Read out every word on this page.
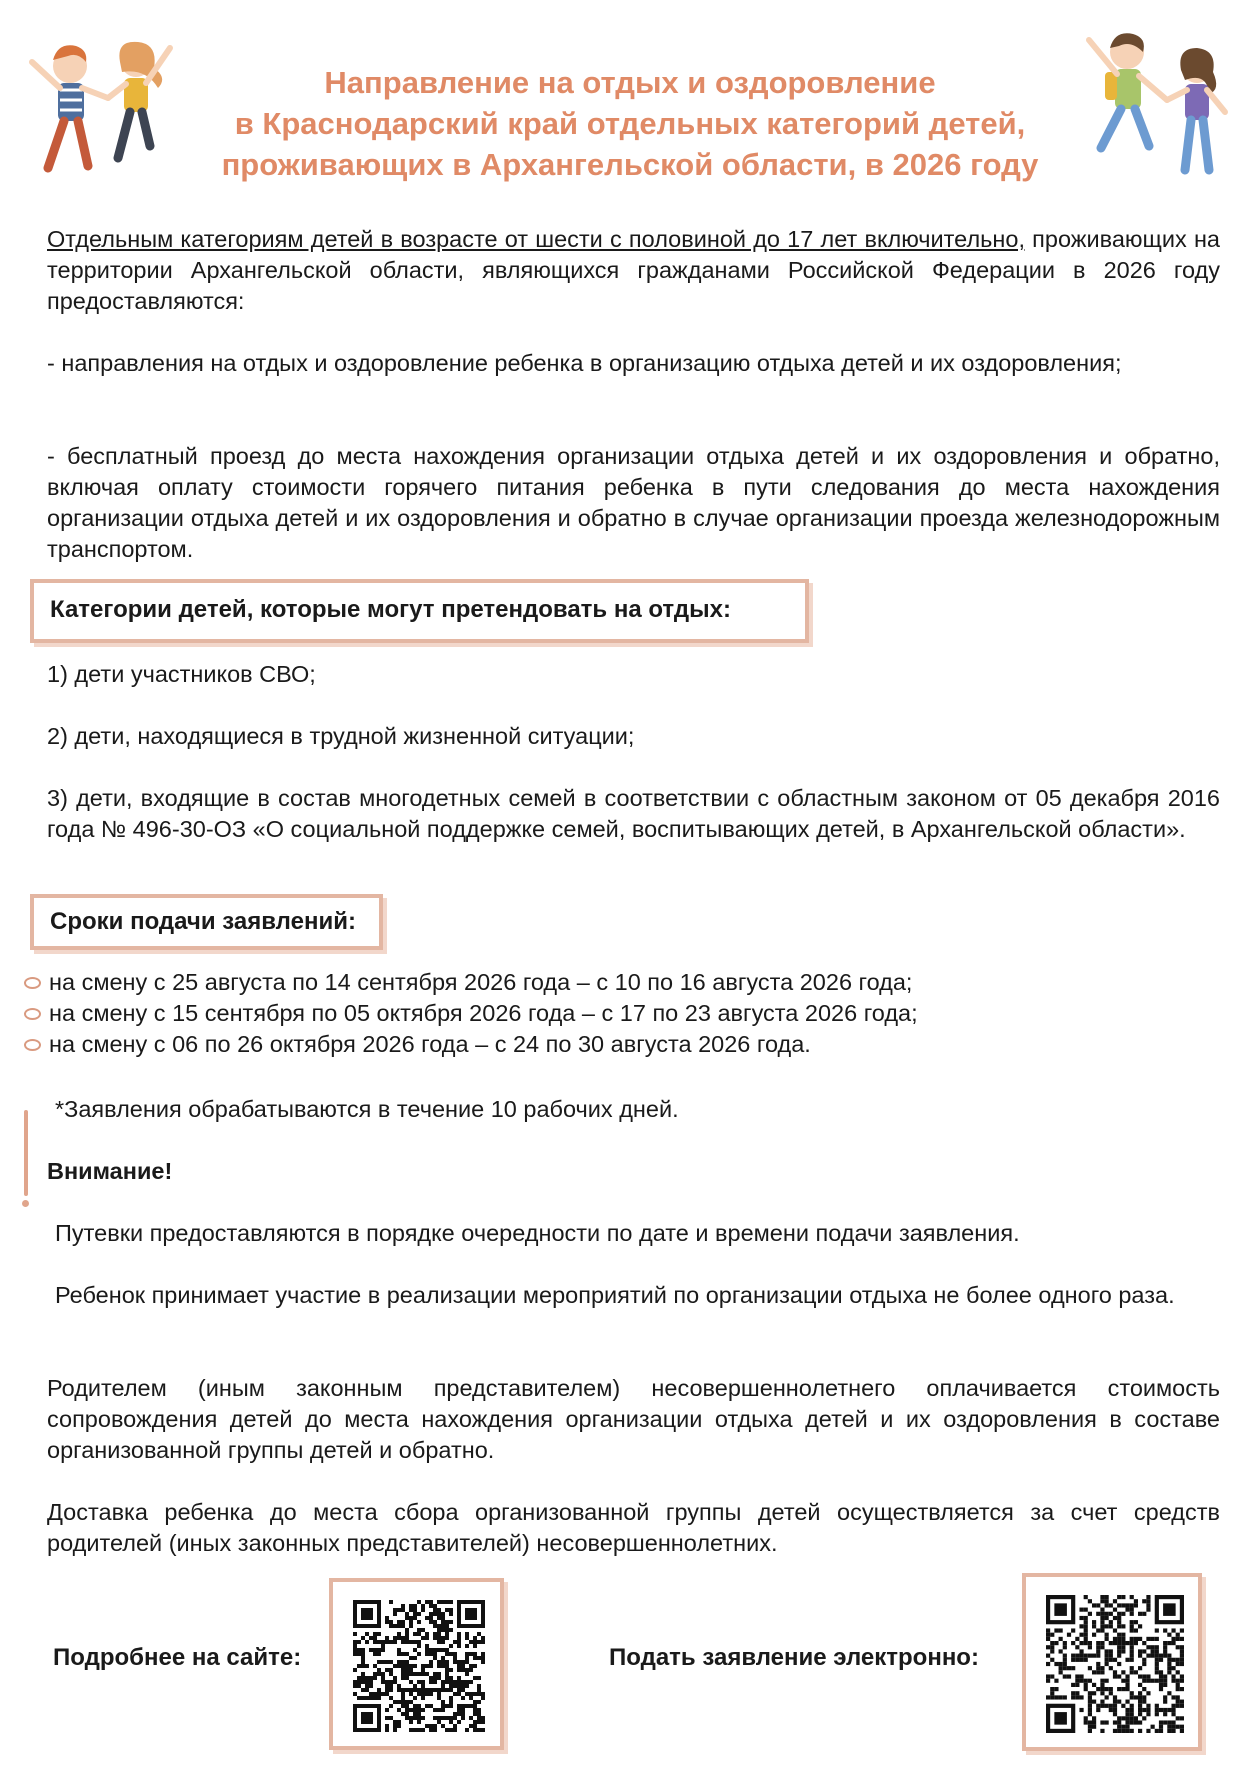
Направление на отдых и оздоровление
в Краснодарский край отдельных категорий детей,
проживающих в Архангельской области, в 2026 году
Отдельным категориям детей в возрасте от шести с половиной до 17 лет включительно, проживающих на территории Архангельской области, являющихся гражданами Российской Федерации в 2026 году предоставляются:
- направления на отдых и оздоровление ребенка в организацию отдыха детей и их оздоровления;
- бесплатный проезд до места нахождения организации отдыха детей и их оздоровления и обратно, включая оплату стоимости горячего питания ребенка в пути следования до места нахождения организации отдыха детей и их оздоровления и обратно в случае организации проезда железнодорожным транспортом.
Категории детей, которые могут претендовать на отдых:
1) дети участников СВО;
2) дети, находящиеся в трудной жизненной ситуации;
3) дети, входящие в состав многодетных семей в соответствии с областным законом от 05 декабря 2016 года № 496-30-ОЗ «О социальной поддержке семей, воспитывающих детей, в Архангельской области».
Сроки подачи заявлений:
на смену с 25 августа по 14 сентября 2026 года – с 10 по 16 августа 2026 года;
на смену с 15 сентября по 05 октября 2026 года – с 17 по 23 августа 2026 года;
на смену с 06 по 26 октября 2026 года – с 24 по 30 августа 2026 года.
*Заявления обрабатываются в течение 10 рабочих дней.
Внимание!
Путевки предоставляются в порядке очередности по дате и времени подачи заявления.
Ребенок принимает участие в реализации мероприятий по организации отдыха не более одного раза.
Родителем (иным законным представителем) несовершеннолетнего оплачивается стоимость сопровождения детей до места нахождения организации отдыха детей и их оздоровления в составе организованной группы детей и обратно.
Доставка ребенка до места сбора организованной группы детей осуществляется за счет средств родителей (иных законных представителей) несовершеннолетних.
Подробнее на сайте:	Подать заявление электронно:
